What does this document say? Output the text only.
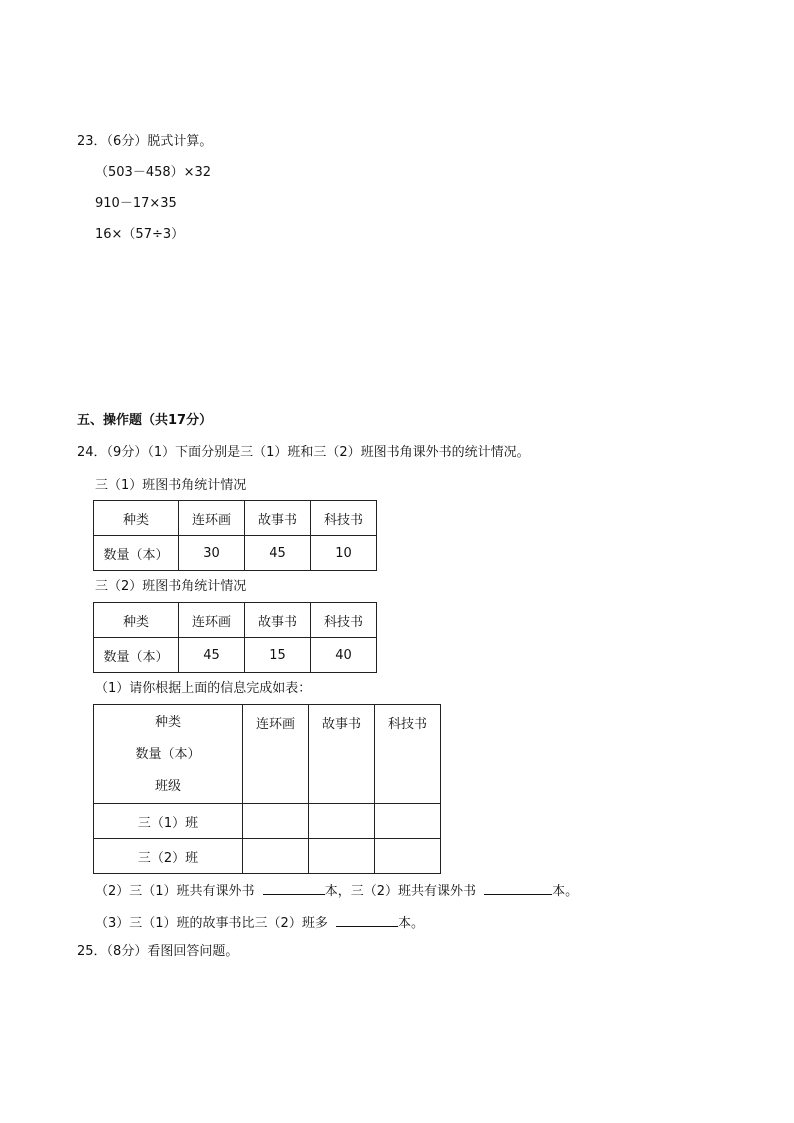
23．（6分）脱式计算。
（503－458）×32
910－17×35
16×（57÷3）
五、操作题（共17分）
24．（9分）（1）下面分别是三（1）班和三（2）班图书角课外书的统计情况。
三（1）班图书角统计情况
种类	连环画	故事书	科技书
数量（本）	30	45	10
三（2）班图书角统计情况
种类	连环画	故事书	科技书
数量（本）	45	15	40
（1）请你根据上面的信息完成如表：
种类
数量（本）
班级	连环画	故事书	科技书
三（1）班			
三（2）班			
（2）三（1）班共有课外书	本，三（2）班共有课外书	本。
（3）三（1）班的故事书比三（2）班多	本。
25．（8分）看图回答问题。
